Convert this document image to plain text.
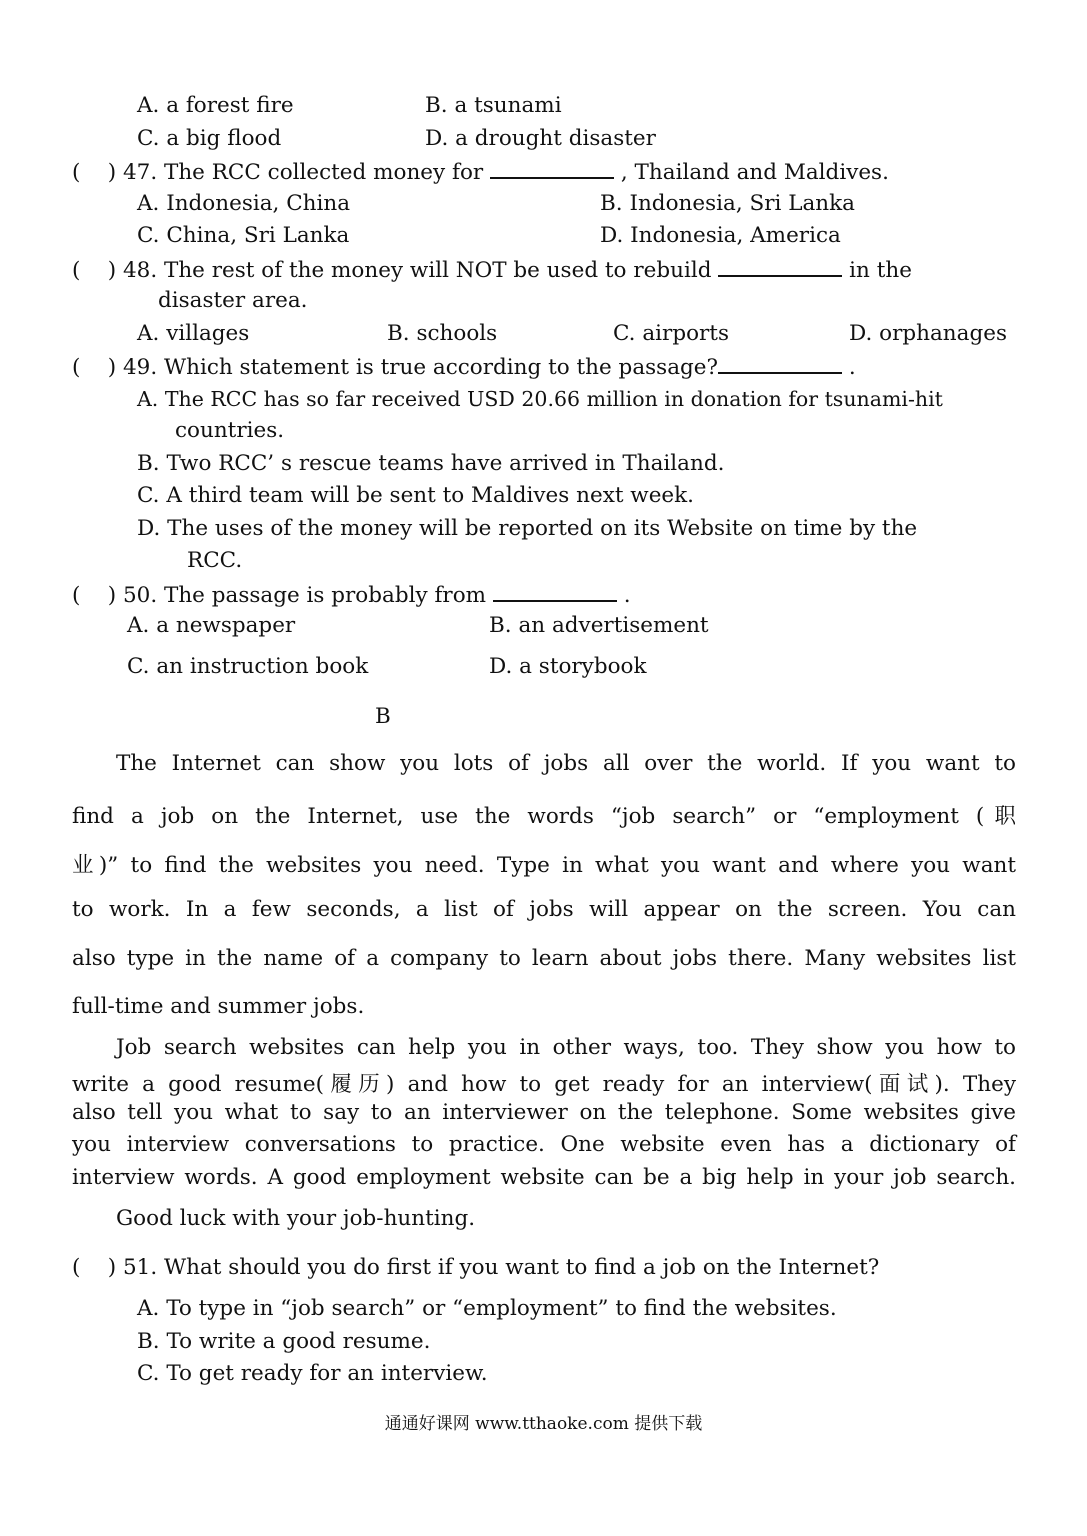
A. a forest fire	B. a tsunami
C. a big flood	D. a drought disaster
(    ) 47. The RCC collected money for	, Thailand and Maldives.
A. Indonesia, China	B. Indonesia, Sri Lanka
C. China, Sri Lanka	D. Indonesia, America
(    ) 48. The rest of the money will NOT be used to rebuild	in the
disaster area.
A. villages	B. schools	C. airports	D. orphanages
(    ) 49. Which statement is true according to the passage?	.
A. The RCC has so far received USD 20.66 million in donation for tsunami-hit
countries.
B. Two RCC’ s rescue teams have arrived in Thailand.
C. A third team will be sent to Maldives next week.
D. The uses of the money will be reported on its Website on time by the
RCC.
(    ) 50. The passage is probably from	.
A. a newspaper	B. an advertisement
C. an instruction book	D. a storybook
B
The Internet can show you lots of jobs all over the world. If you want to
find a job on the Internet, use the words “job search” or “employment (职
业)” to find the websites you need. Type in what you want and where you want
to work. In a few seconds, a list of jobs will appear on the screen. You can
also type in the name of a company to learn about jobs there. Many websites list
full-time and summer jobs.
Job search websites can help you in other ways, too. They show you how to
write a good resume(履历) and how to get ready for an interview(面试). They
also tell you what to say to an interviewer on the telephone. Some websites give
you interview conversations to practice. One website even has a dictionary of
interview words. A good employment website can be a big help in your job search.
Good luck with your job-hunting.
(    ) 51. What should you do first if you want to find a job on the Internet?
A. To type in “job search” or “employment” to find the websites.
B. To write a good resume.
C. To get ready for an interview.
通通好课网 www.tthaoke.com 提供下载
